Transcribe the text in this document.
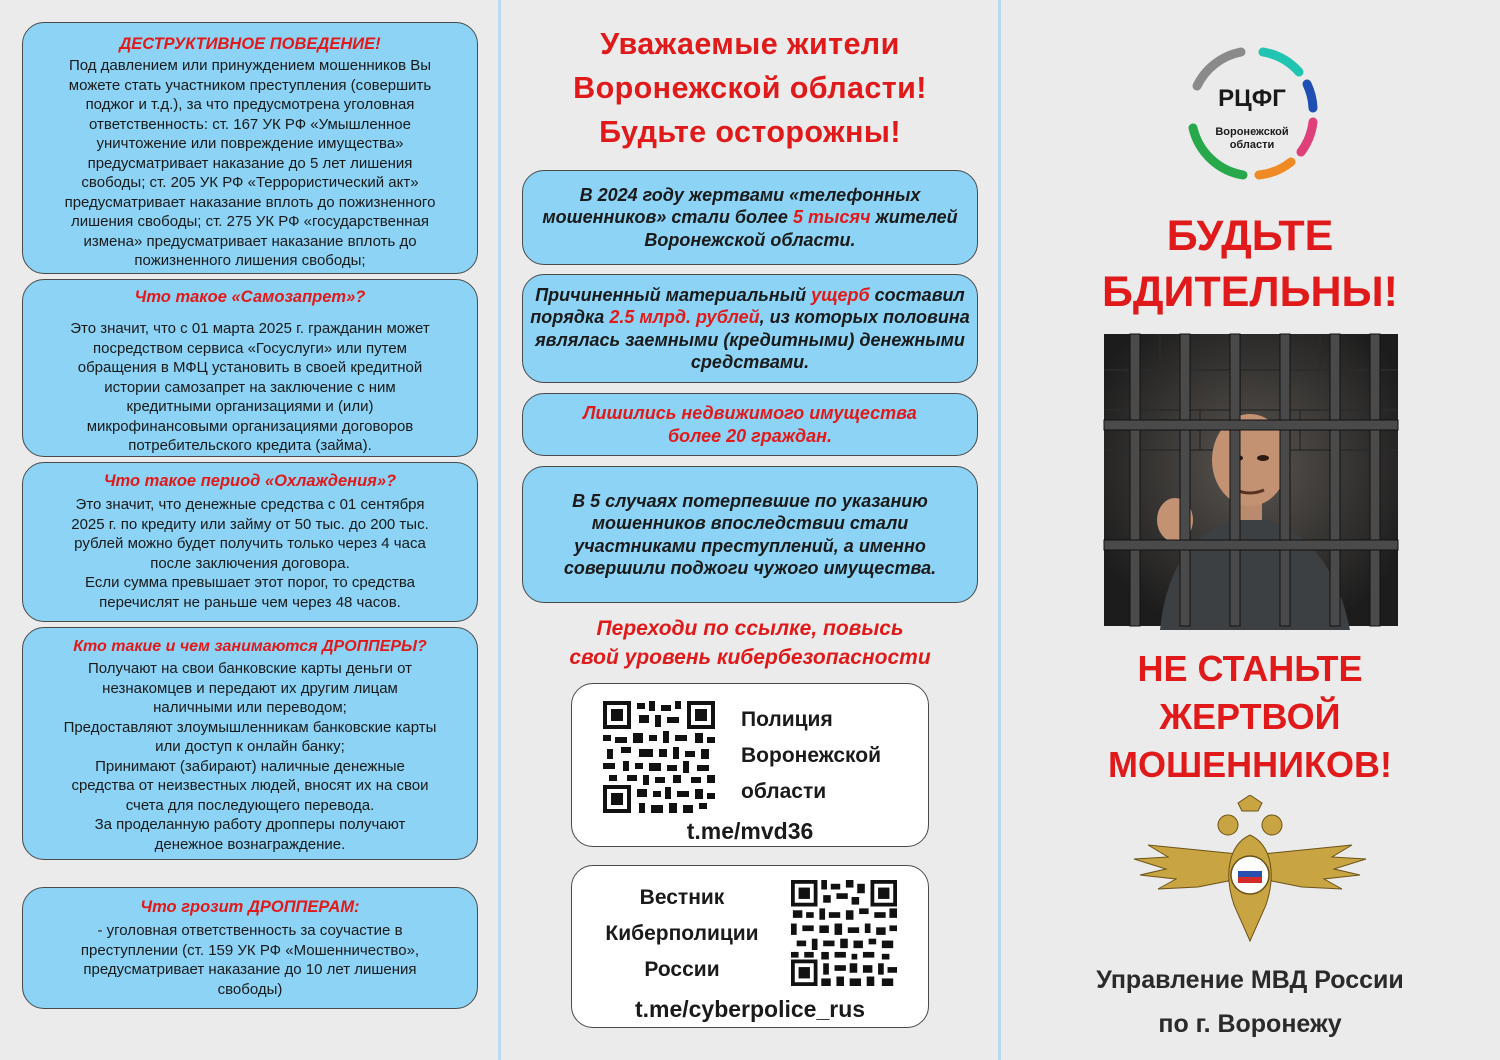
ДЕСТРУКТИВНОЕ ПОВЕДЕНИЕ!
Под давлением или принуждением мошенников Вы
можете стать участником преступления (совершить
поджог и т.д.), за что предусмотрена уголовная
ответственность: ст. 167 УК РФ «Умышленное
уничтожение или повреждение имущества»
предусматривает наказание до 5 лет лишения
свободы; ст. 205 УК РФ «Террористический акт»
предусматривает наказание вплоть до пожизненного
лишения свободы; ст. 275 УК РФ «государственная
измена» предусматривает наказание вплоть до
пожизненного лишения свободы;
Что такое «Самозапрет»?
Это значит, что с 01 марта 2025 г. гражданин может
посредством сервиса «Госуслуги» или путем
обращения в МФЦ установить в своей кредитной
истории самозапрет на заключение с ним
кредитными организациями и (или)
микрофинансовыми организациями договоров
потребительского кредита (займа).
Что такое период «Охлаждения»?
Это значит, что денежные средства с 01 сентября
2025 г. по кредиту или займу от 50 тыс. до 200 тыс.
рублей можно будет получить только через 4 часа
после заключения договора.
Если сумма превышает этот порог, то средства
перечислят не раньше чем через 48 часов.
Кто такие и чем занимаются ДРОППЕРЫ?
Получают на свои банковские карты деньги от
незнакомцев и передают их другим лицам
наличными или переводом;
Предоставляют злоумышленникам банковские карты
или доступ к онлайн банку;
Принимают (забирают) наличные денежные
средства от неизвестных людей, вносят их на свои
счета для последующего перевода.
За проделанную работу дропперы получают
денежное вознаграждение.
Что грозит ДРОППЕРАМ:
- уголовная ответственность за соучастие в
преступлении (ст. 159 УК РФ «Мошенничество»,
предусматривает наказание до 10 лет лишения
свободы)
Уважаемые жители
Воронежской области!
Будьте осторожны!
В 2024 году жертвами «телефонных мошенников» стали более 5 тысяч жителей Воронежской области.
Причиненный материальный ущерб составил порядка 2.5 млрд. рублей, из которых половина являлась заемными (кредитными) денежными средствами.
Лишились недвижимого имущества более 20 граждан.
В 5 случаях потерпевшие по указанию мошенников впоследствии стали участниками преступлений, а именно совершили поджоги чужого имущества.
Переходи по ссылке, повысь
свой уровень кибербезопасности
Полиция
Воронежской
области
t.me/mvd36
Вестник
Киберполиции
России
t.me/cyberpolice_rus
РЦФГ
Воронежской
области
БУДЬТЕ
БДИТЕЛЬНЫ!
НЕ СТАНЬТЕ
ЖЕРТВОЙ
МОШЕННИКОВ!
Управление МВД России
по г. Воронежу
